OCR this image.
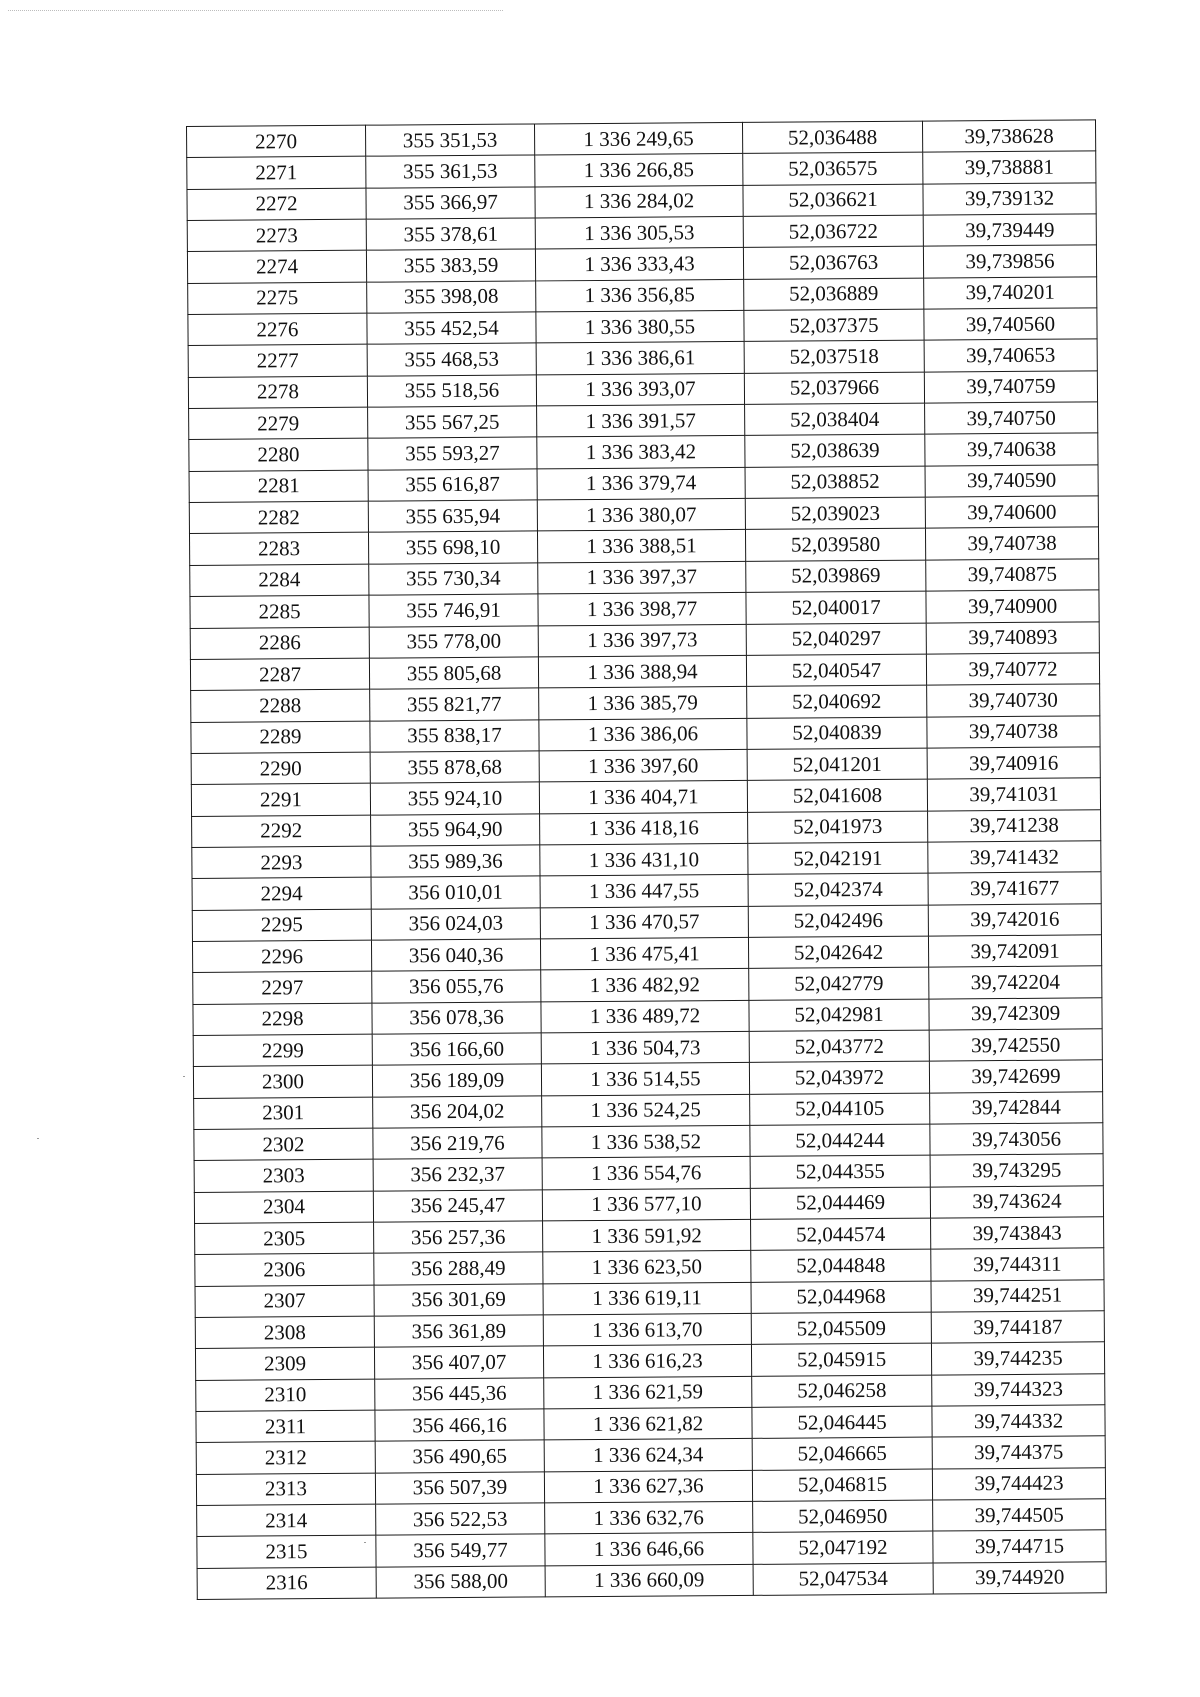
2270	355 351,53	1 336 249,65	52,036488	39,738628
2271	355 361,53	1 336 266,85	52,036575	39,738881
2272	355 366,97	1 336 284,02	52,036621	39,739132
2273	355 378,61	1 336 305,53	52,036722	39,739449
2274	355 383,59	1 336 333,43	52,036763	39,739856
2275	355 398,08	1 336 356,85	52,036889	39,740201
2276	355 452,54	1 336 380,55	52,037375	39,740560
2277	355 468,53	1 336 386,61	52,037518	39,740653
2278	355 518,56	1 336 393,07	52,037966	39,740759
2279	355 567,25	1 336 391,57	52,038404	39,740750
2280	355 593,27	1 336 383,42	52,038639	39,740638
2281	355 616,87	1 336 379,74	52,038852	39,740590
2282	355 635,94	1 336 380,07	52,039023	39,740600
2283	355 698,10	1 336 388,51	52,039580	39,740738
2284	355 730,34	1 336 397,37	52,039869	39,740875
2285	355 746,91	1 336 398,77	52,040017	39,740900
2286	355 778,00	1 336 397,73	52,040297	39,740893
2287	355 805,68	1 336 388,94	52,040547	39,740772
2288	355 821,77	1 336 385,79	52,040692	39,740730
2289	355 838,17	1 336 386,06	52,040839	39,740738
2290	355 878,68	1 336 397,60	52,041201	39,740916
2291	355 924,10	1 336 404,71	52,041608	39,741031
2292	355 964,90	1 336 418,16	52,041973	39,741238
2293	355 989,36	1 336 431,10	52,042191	39,741432
2294	356 010,01	1 336 447,55	52,042374	39,741677
2295	356 024,03	1 336 470,57	52,042496	39,742016
2296	356 040,36	1 336 475,41	52,042642	39,742091
2297	356 055,76	1 336 482,92	52,042779	39,742204
2298	356 078,36	1 336 489,72	52,042981	39,742309
2299	356 166,60	1 336 504,73	52,043772	39,742550
2300	356 189,09	1 336 514,55	52,043972	39,742699
2301	356 204,02	1 336 524,25	52,044105	39,742844
2302	356 219,76	1 336 538,52	52,044244	39,743056
2303	356 232,37	1 336 554,76	52,044355	39,743295
2304	356 245,47	1 336 577,10	52,044469	39,743624
2305	356 257,36	1 336 591,92	52,044574	39,743843
2306	356 288,49	1 336 623,50	52,044848	39,744311
2307	356 301,69	1 336 619,11	52,044968	39,744251
2308	356 361,89	1 336 613,70	52,045509	39,744187
2309	356 407,07	1 336 616,23	52,045915	39,744235
2310	356 445,36	1 336 621,59	52,046258	39,744323
2311	356 466,16	1 336 621,82	52,046445	39,744332
2312	356 490,65	1 336 624,34	52,046665	39,744375
2313	356 507,39	1 336 627,36	52,046815	39,744423
2314	356 522,53	1 336 632,76	52,046950	39,744505
2315	356 549,77	1 336 646,66	52,047192	39,744715
2316	356 588,00	1 336 660,09	52,047534	39,744920
